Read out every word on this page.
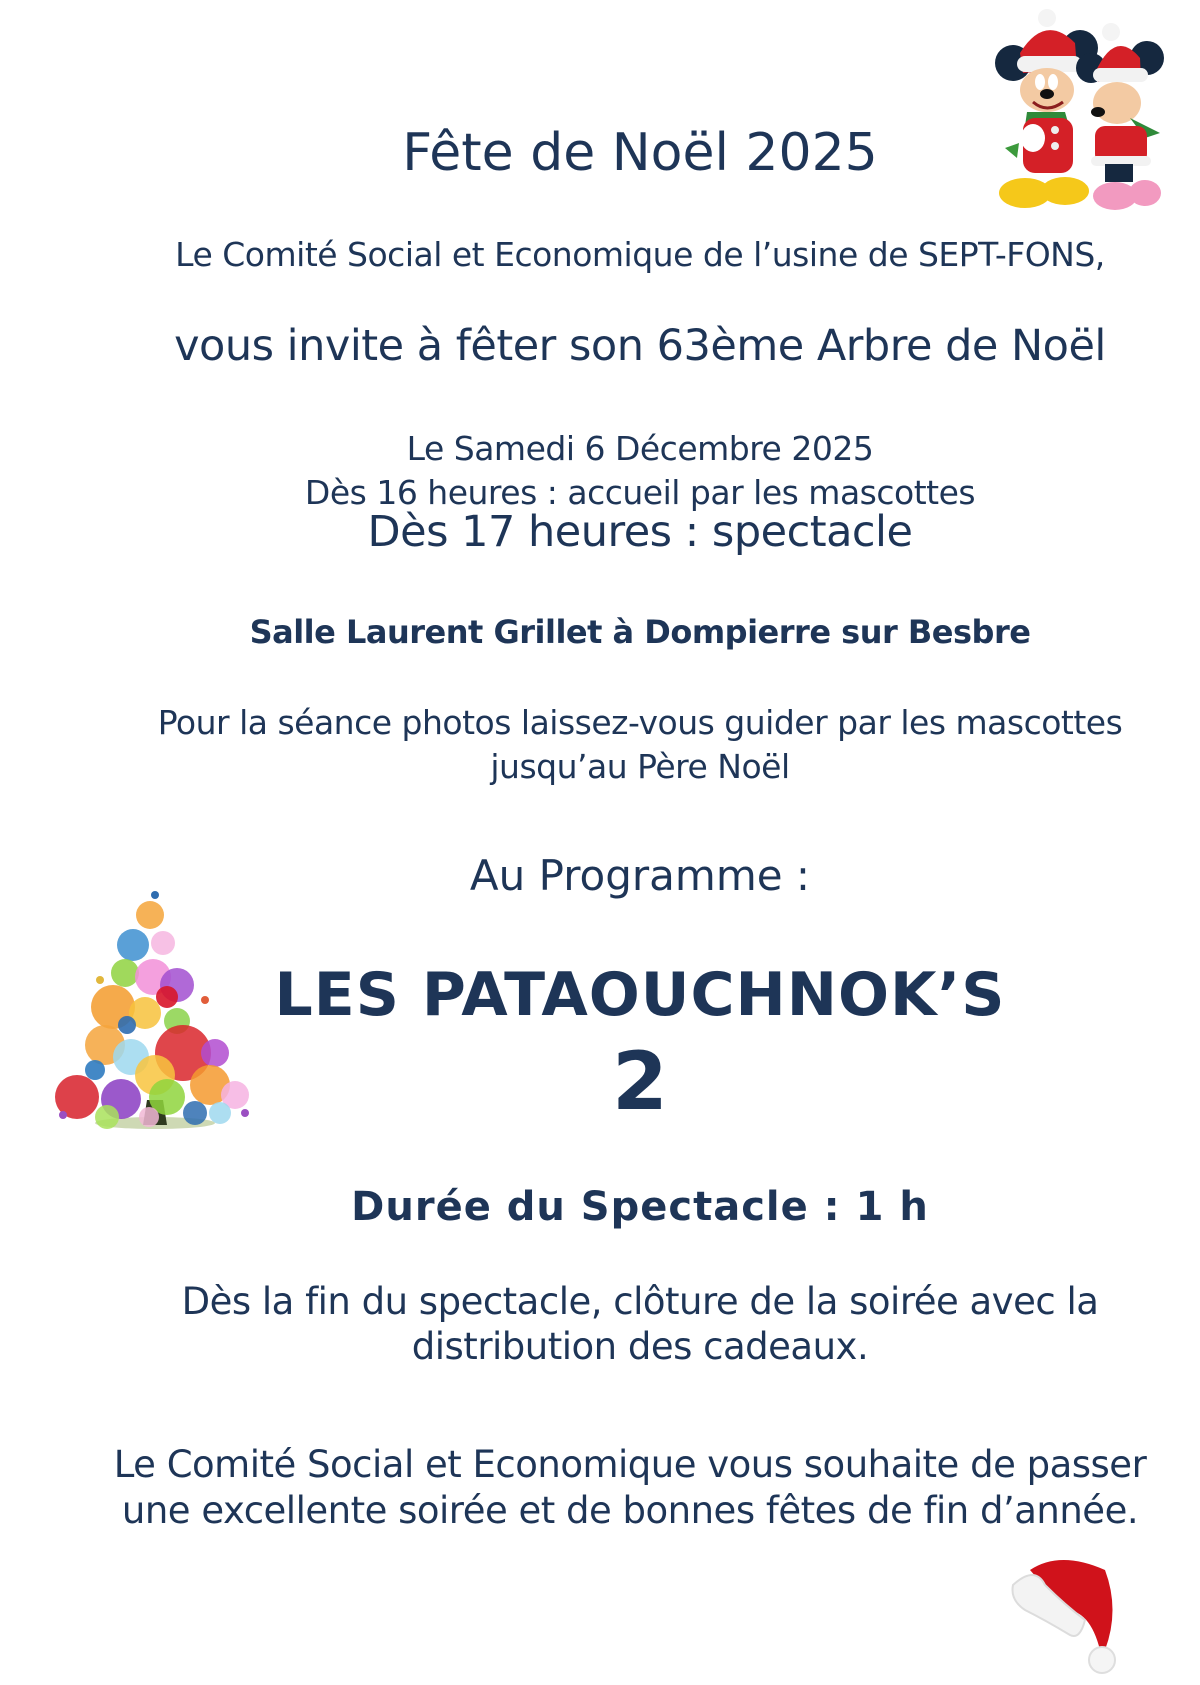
Fête de Noël 2025
Le Comité Social et Economique de l’usine de SEPT-FONS,
vous invite à fêter son 63ème Arbre de Noël
Le Samedi 6 Décembre 2025
Dès 16 heures : accueil par les mascottes
Dès 17 heures : spectacle
Salle Laurent Grillet à Dompierre sur Besbre
Pour la séance photos laissez-vous guider par les mascottes
jusqu’au Père Noël
Au Programme :
LES PATAOUCHNOK’S
2
Durée du Spectacle : 1 h
Dès la fin du spectacle, clôture de la soirée avec la
distribution des cadeaux.
Le Comité Social et Economique vous souhaite de passer
une excellente soirée et de bonnes fêtes de fin d’année.
